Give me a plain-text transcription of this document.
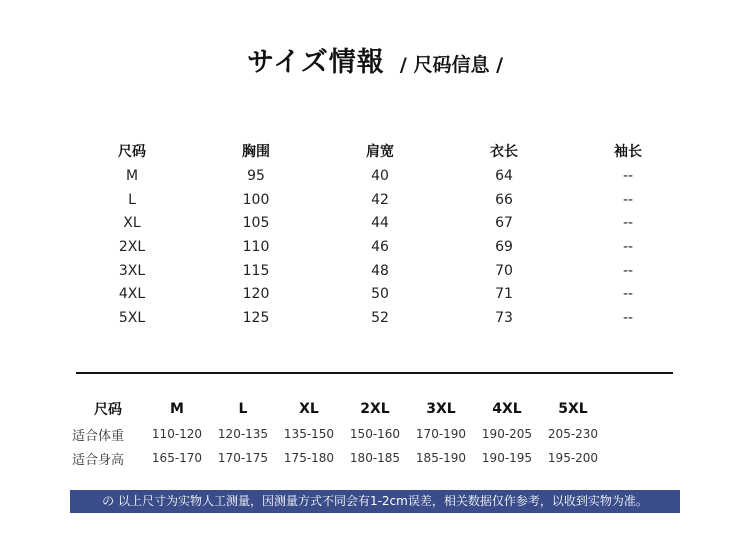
サイズ情報 / 尺码信息 /
尺码	胸围	肩宽	衣长	袖长
M	95	40	64	--
L	100	42	66	--
XL	105	44	67	--
2XL	110	46	69	--
3XL	115	48	70	--
4XL	120	50	71	--
5XL	125	52	73	--
尺码	M	L	XL	2XL	3XL	4XL	5XL
适合体重	110-120	120-135	135-150	150-160	170-190	190-205	205-230
适合身高	165-170	170-175	175-180	180-185	185-190	190-195	195-200
の 以上尺寸为实物人工测量，因测量方式不同会有1-2cm误差，相关数据仅作参考，以收到实物为准。
